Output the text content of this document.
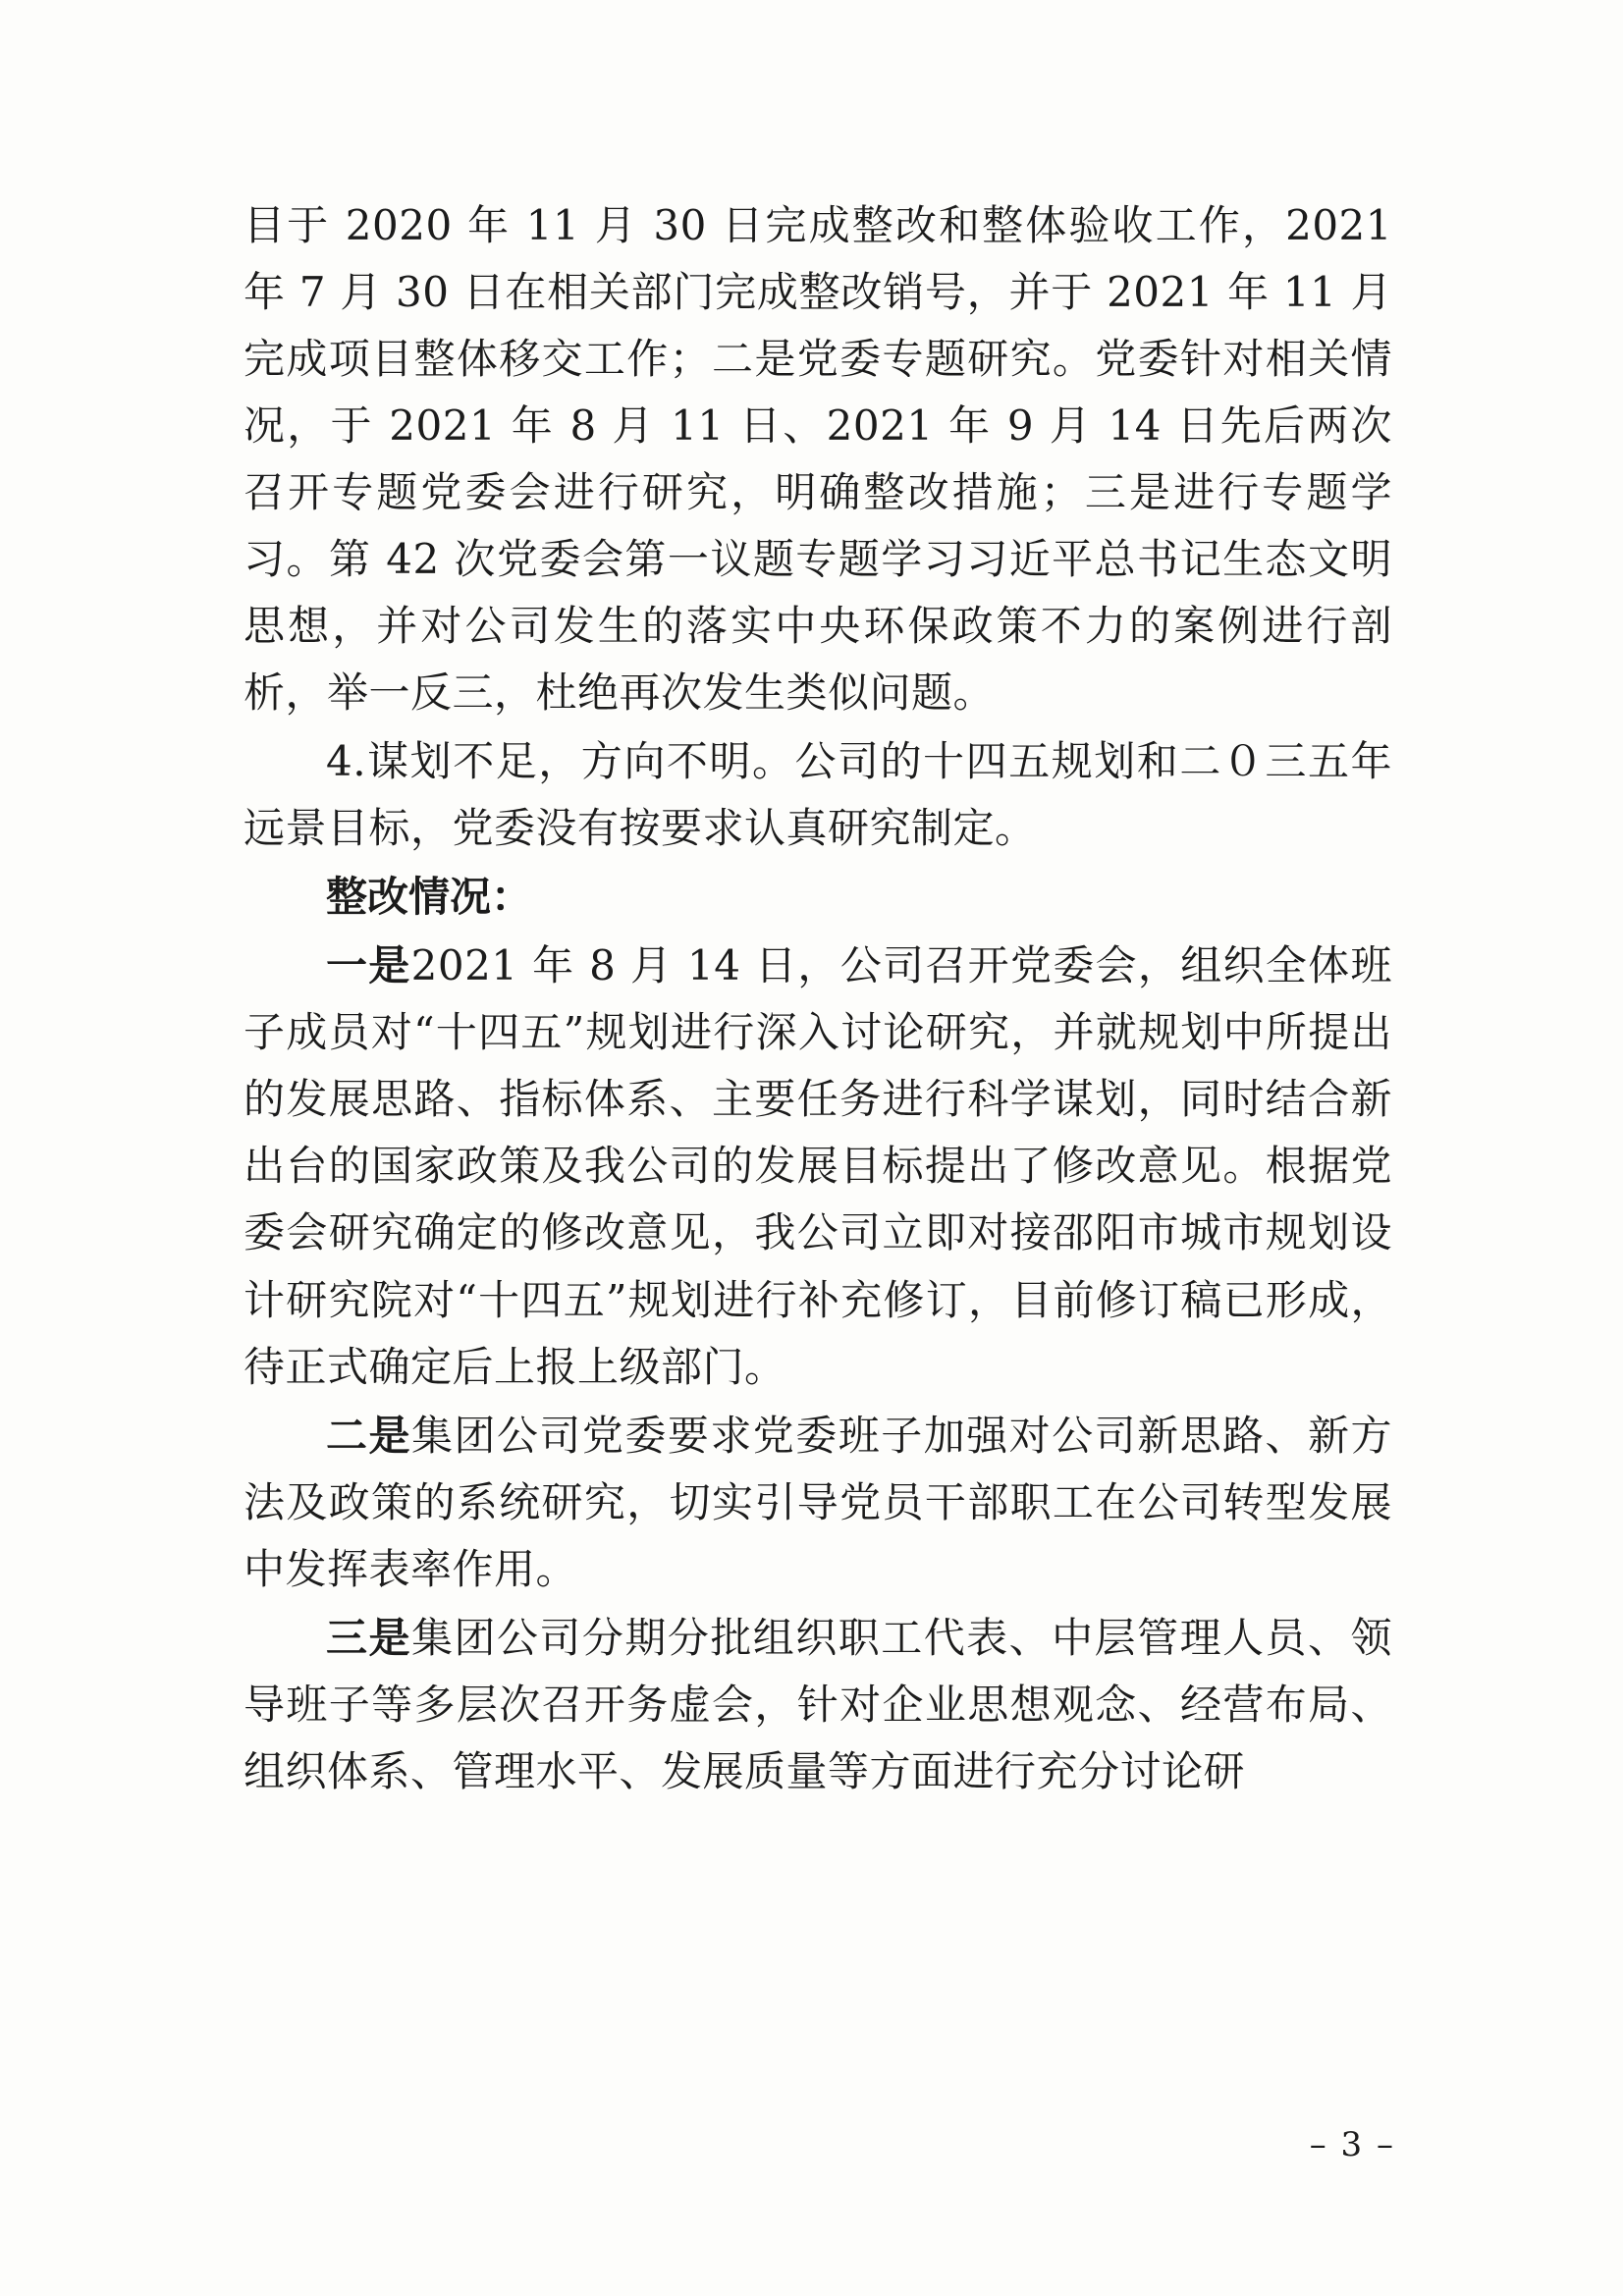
目于 2020 年 11 月 30 日完成整改和整体验收工作，2021 年 7 月 30 日在相关部门完成整改销号，并于 2021 年 11 月完成项目整体移交工作；二是党委专题研究。党委针对相关情况，于 2021 年 8 月 11 日、2021 年 9 月 14 日先后两次召开专题党委会进行研究，明确整改措施；三是进行专题学习。第 42 次党委会第一议题专题学习习近平总书记生态文明思想，并对公司发生的落实中央环保政策不力的案例进行剖析，举一反三，杜绝再次发生类似问题。

4.谋划不足，方向不明。公司的十四五规划和二０三五年远景目标，党委没有按要求认真研究制定。

整改情况：

一是2021 年 8 月 14 日，公司召开党委会，组织全体班子成员对“十四五”规划进行深入讨论研究，并就规划中所提出的发展思路、指标体系、主要任务进行科学谋划，同时结合新出台的国家政策及我公司的发展目标提出了修改意见。根据党委会研究确定的修改意见，我公司立即对接邵阳市城市规划设计研究院对“十四五”规划进行补充修订，目前修订稿已形成，待正式确定后上报上级部门。

二是集团公司党委要求党委班子加强对公司新思路、新方法及政策的系统研究，切实引导党员干部职工在公司转型发展中发挥表率作用。

三是集团公司分期分批组织职工代表、中层管理人员、领导班子等多层次召开务虚会，针对企业思想观念、经营布局、组织体系、管理水平、发展质量等方面进行充分讨论研

– 3 –
